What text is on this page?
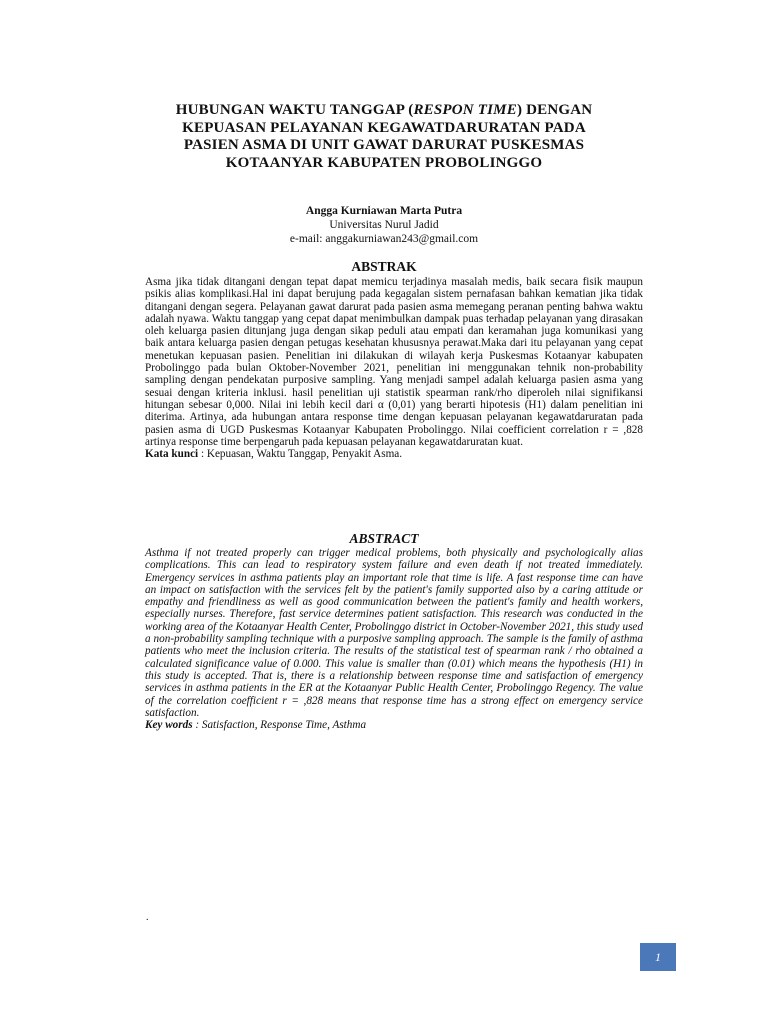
HUBUNGAN WAKTU TANGGAP (RESPON TIME) DENGAN
KEPUASAN PELAYANAN KEGAWATDARURATAN PADA
PASIEN ASMA DI UNIT GAWAT DARURAT PUSKESMAS
KOTAANYAR KABUPATEN PROBOLINGGO
Angga Kurniawan Marta Putra
Universitas Nurul Jadid
e-mail: anggakurniawan243@gmail.com
ABSTRAK
Asma jika tidak ditangani dengan tepat dapat memicu terjadinya masalah medis, baik secara fisik maupun psikis alias komplikasi.Hal ini dapat berujung pada kegagalan sistem pernafasan bahkan kematian jika tidak ditangani dengan segera. Pelayanan gawat darurat pada pasien asma memegang peranan penting bahwa waktu adalah nyawa. Waktu tanggap yang cepat dapat menimbulkan dampak puas terhadap pelayanan yang dirasakan oleh keluarga pasien ditunjang juga dengan sikap peduli atau empati dan keramahan juga komunikasi yang baik antara keluarga pasien dengan petugas kesehatan khususnya perawat.Maka dari itu pelayanan yang cepat menetukan kepuasan pasien. Penelitian ini dilakukan di wilayah kerja Puskesmas Kotaanyar kabupaten Probolinggo pada bulan Oktober-November 2021, penelitian ini menggunakan tehnik non-probability sampling dengan pendekatan purposive sampling. Yang menjadi sampel adalah keluarga pasien asma yang sesuai dengan kriteria inklusi. hasil penelitian uji statistik spearman rank/rho diperoleh nilai signifikansi hitungan sebesar 0,000. Nilai ini lebih kecil dari α (0,01) yang berarti hipotesis (H1) dalam penelitian ini diterima. Artinya, ada hubungan antara response time dengan kepuasan pelayanan kegawatdaruratan pada pasien asma di UGD Puskesmas Kotaanyar Kabupaten Probolinggo. Nilai coefficient correlation r = ,828 artinya response time berpengaruh pada kepuasan pelayanan kegawatdaruratan kuat.
Kata kunci : Kepuasan, Waktu Tanggap, Penyakit Asma.
ABSTRACT
Asthma if not treated properly can trigger medical problems, both physically and psychologically alias complications. This can lead to respiratory system failure and even death if not treated immediately. Emergency services in asthma patients play an important role that time is life. A fast response time can have an impact on satisfaction with the services felt by the patient's family supported also by a caring attitude or empathy and friendliness as well as good communication between the patient's family and health workers, especially nurses. Therefore, fast service determines patient satisfaction. This research was conducted in the working area of the Kotaanyar Health Center, Probolinggo district in October-November 2021, this study used a non-probability sampling technique with a purposive sampling approach. The sample is the family of asthma patients who meet the inclusion criteria. The results of the statistical test of spearman rank / rho obtained a calculated significance value of 0.000. This value is smaller than (0.01) which means the hypothesis (H1) in this study is accepted. That is, there is a relationship between response time and satisfaction of emergency services in asthma patients in the ER at the Kotaanyar Public Health Center, Probolinggo Regency. The value of the correlation coefficient r = ,828 means that response time has a strong effect on emergency service satisfaction.
Key words : Satisfaction, Response Time, Asthma
.
1
